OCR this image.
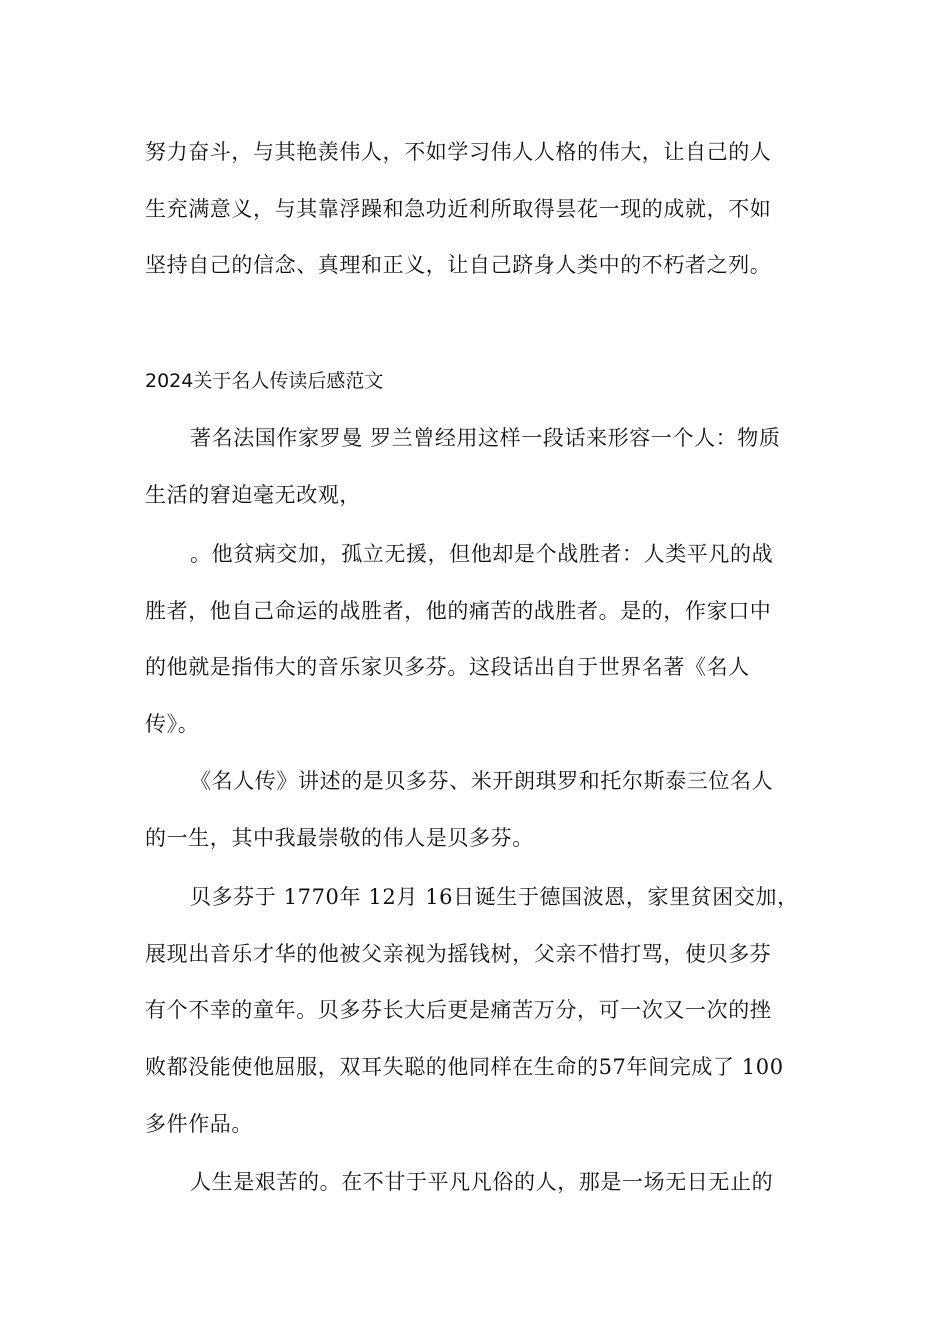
努力奋斗，与其艳羡伟人，不如学习伟人人格的伟大，让自己的人
生充满意义，与其靠浮躁和急功近利所取得昙花一现的成就，不如
坚持自己的信念、真理和正义，让自己跻身人类中的不朽者之列。
2024关于名人传读后感范文
著名法国作家罗曼 罗兰曾经用这样一段话来形容一个人：物质
生活的窘迫毫无改观，
。他贫病交加，孤立无援，但他却是个战胜者：人类平凡的战
胜者，他自己命运的战胜者，他的痛苦的战胜者。是的，作家口中
的他就是指伟大的音乐家贝多芬。这段话出自于世界名著《名人
传》。
《名人传》讲述的是贝多芬、米开朗琪罗和托尔斯泰三位名人
的一生，其中我最崇敬的伟人是贝多芬。
贝多芬于 1770年 12月 16日诞生于德国波恩，家里贫困交加，
展现出音乐才华的他被父亲视为摇钱树，父亲不惜打骂，使贝多芬
有个不幸的童年。贝多芬长大后更是痛苦万分，可一次又一次的挫
败都没能使他屈服，双耳失聪的他同样在生命的57年间完成了 100
多件作品。
人生是艰苦的。在不甘于平凡凡俗的人，那是一场无日无止的
